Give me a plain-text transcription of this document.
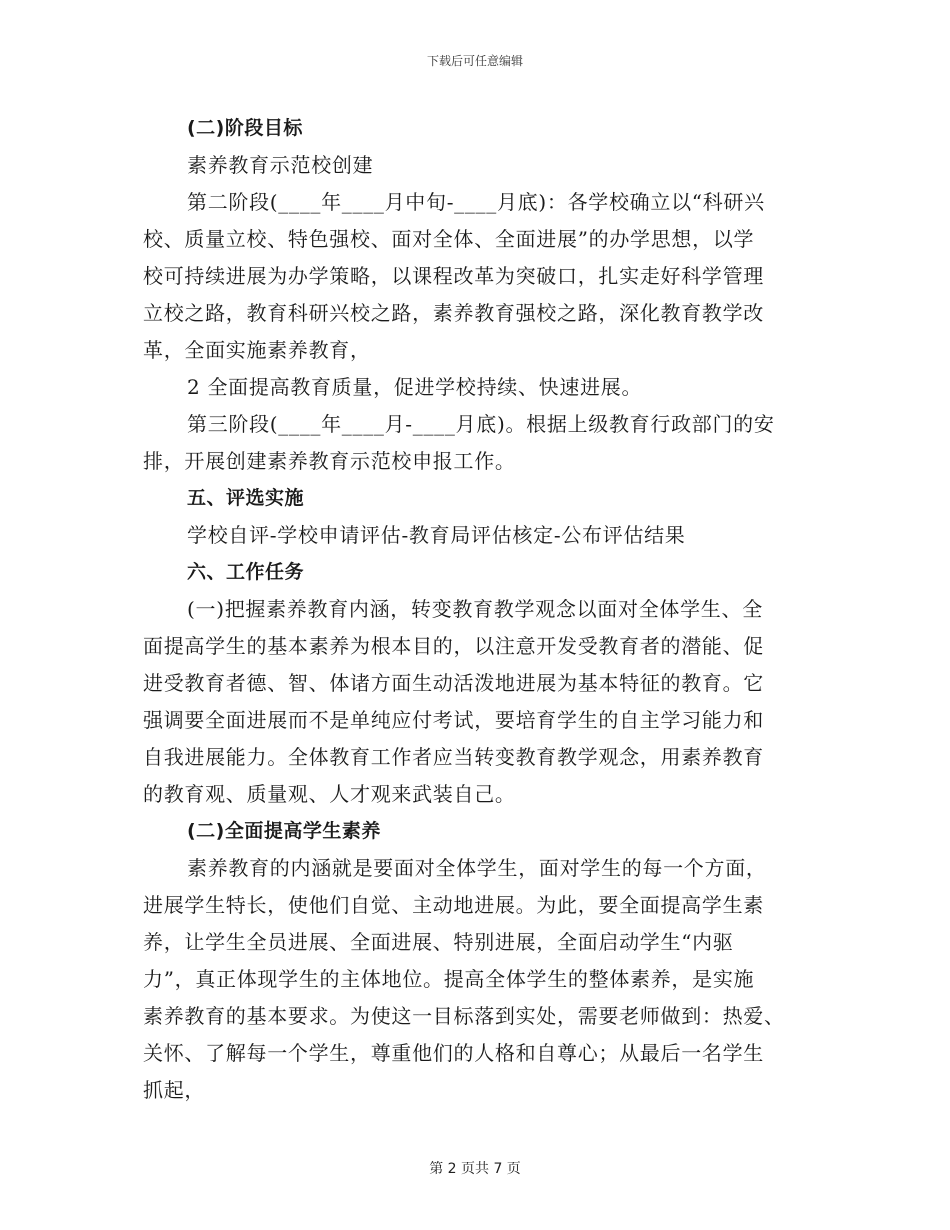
下载后可任意编辑
(二)阶段目标
素养教育示范校创建
第二阶段(____年____月中旬-____月底)：各学校确立以“科研兴
校、质量立校、特色强校、面对全体、全面进展”的办学思想，以学
校可持续进展为办学策略，以课程改革为突破口，扎实走好科学管理
立校之路，教育科研兴校之路，素养教育强校之路，深化教育教学改
革，全面实施素养教育，
2 全面提高教育质量，促进学校持续、快速进展。
第三阶段(____年____月-____月底)。根据上级教育行政部门的安
排，开展创建素养教育示范校申报工作。
五、评选实施
学校自评-学校申请评估-教育局评估核定-公布评估结果
六、工作任务
(一)把握素养教育内涵，转变教育教学观念以面对全体学生、全
面提高学生的基本素养为根本目的，以注意开发受教育者的潜能、促
进受教育者德、智、体诸方面生动活泼地进展为基本特征的教育。它
强调要全面进展而不是单纯应付考试，要培育学生的自主学习能力和
自我进展能力。全体教育工作者应当转变教育教学观念，用素养教育
的教育观、质量观、人才观来武装自己。
(二)全面提高学生素养
素养教育的内涵就是要面对全体学生，面对学生的每一个方面，
进展学生特长，使他们自觉、主动地进展。为此，要全面提高学生素
养，让学生全员进展、全面进展、特别进展，全面启动学生“内驱
力”，真正体现学生的主体地位。提高全体学生的整体素养，是实施
素养教育的基本要求。为使这一目标落到实处，需要老师做到：热爱、
关怀、了解每一个学生，尊重他们的人格和自尊心；从最后一名学生
抓起，
第 2 页共 7 页
